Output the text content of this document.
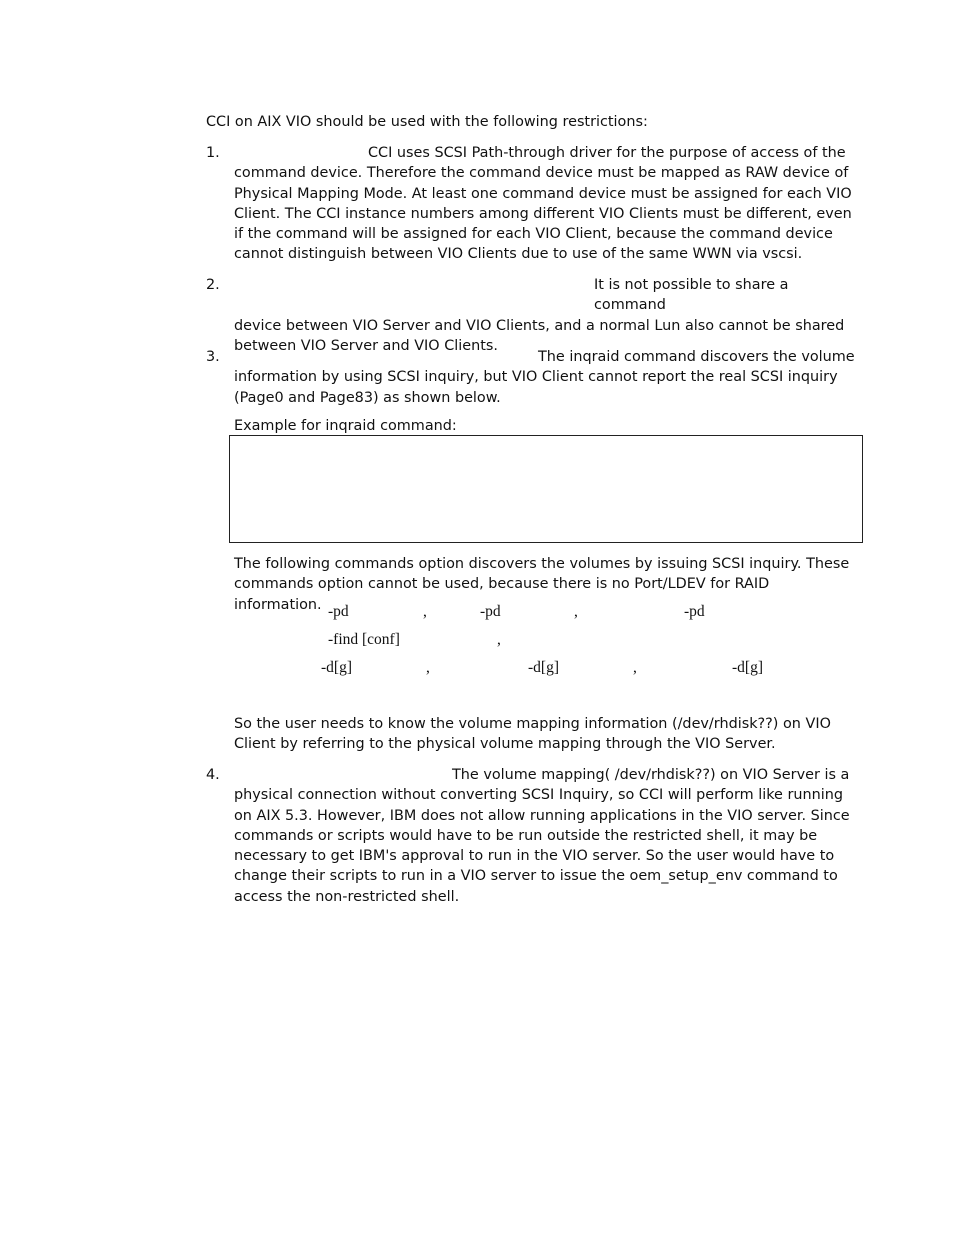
CCI on AIX VIO should be used with the following restrictions:
1.	CCI uses SCSI Path-through driver for the purpose of access of the
command device. Therefore the command device must be mapped as RAW device of Physical Mapping Mode. At least one command device must be assigned for each VIO Client. The CCI instance numbers among different VIO Clients must be different, even if the command will be assigned for each VIO Client, because the command device cannot distinguish between VIO Clients due to use of the same WWN via vscsi.
2.	It is not possible to share a command
device between VIO Server and VIO Clients, and a normal Lun also cannot be shared between VIO Server and VIO Clients.
3.	The inqraid command discovers the volume
information by using SCSI inquiry, but VIO Client cannot report the real SCSI inquiry (Page0 and Page83) as shown below.
Example for inqraid command:
The following commands option discovers the volumes by issuing SCSI inquiry. These commands option cannot be used, because there is no Port/LDEV for RAID information. -pd	,	-pd	,	-pd
-find [conf]	,
-d[g]	,	-d[g]	,	-d[g]
So the user needs to know the volume mapping information (/dev/rhdisk??) on VIO Client by referring to the physical volume mapping through the VIO Server.
4.	The volume mapping( /dev/rhdisk??) on VIO Server is a
physical connection without converting SCSI Inquiry, so CCI will perform like running on AIX 5.3. However, IBM does not allow running applications in the VIO server. Since commands or scripts would have to be run outside the restricted shell, it may be necessary to get IBM's approval to run in the VIO server. So the user would have to change their scripts to run in a VIO server to issue the oem_setup_env command to access the non-restricted shell.
